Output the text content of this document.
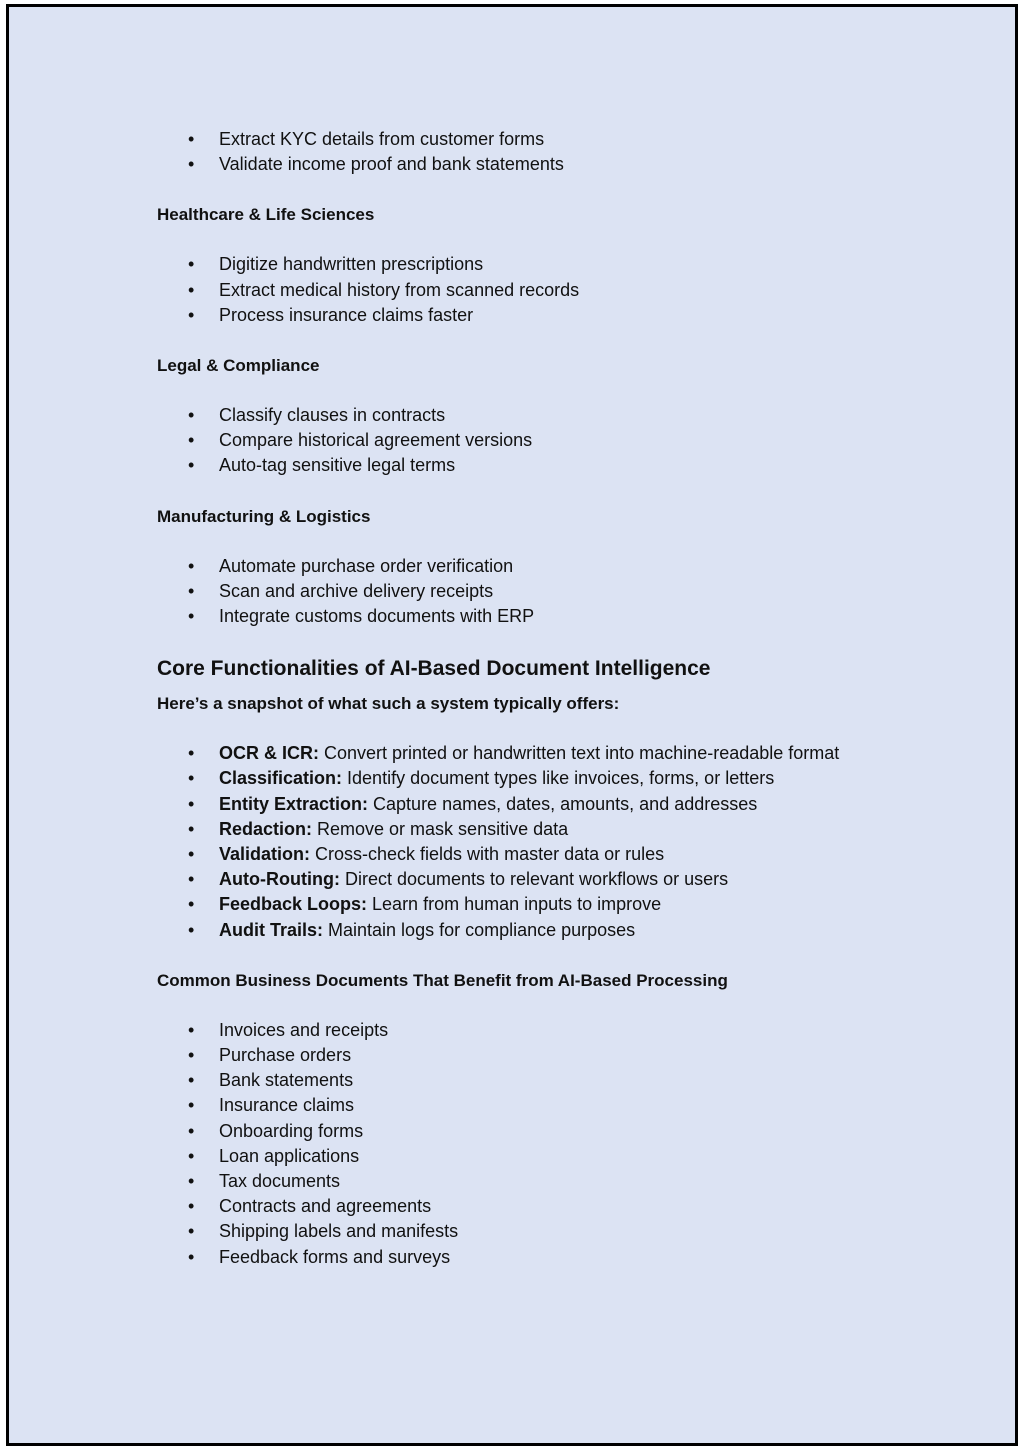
• Extract KYC details from customer forms
• Validate income proof and bank statements
Healthcare & Life Sciences
• Digitize handwritten prescriptions
• Extract medical history from scanned records
• Process insurance claims faster
Legal & Compliance
• Classify clauses in contracts
• Compare historical agreement versions
• Auto-tag sensitive legal terms
Manufacturing & Logistics
• Automate purchase order verification
• Scan and archive delivery receipts
• Integrate customs documents with ERP
Core Functionalities of AI-Based Document Intelligence
Here’s a snapshot of what such a system typically offers:
• OCR & ICR: Convert printed or handwritten text into machine-readable format
• Classification: Identify document types like invoices, forms, or letters
• Entity Extraction: Capture names, dates, amounts, and addresses
• Redaction: Remove or mask sensitive data
• Validation: Cross-check fields with master data or rules
• Auto-Routing: Direct documents to relevant workflows or users
• Feedback Loops: Learn from human inputs to improve
• Audit Trails: Maintain logs for compliance purposes
Common Business Documents That Benefit from AI-Based Processing
• Invoices and receipts
• Purchase orders
• Bank statements
• Insurance claims
• Onboarding forms
• Loan applications
• Tax documents
• Contracts and agreements
• Shipping labels and manifests
• Feedback forms and surveys
